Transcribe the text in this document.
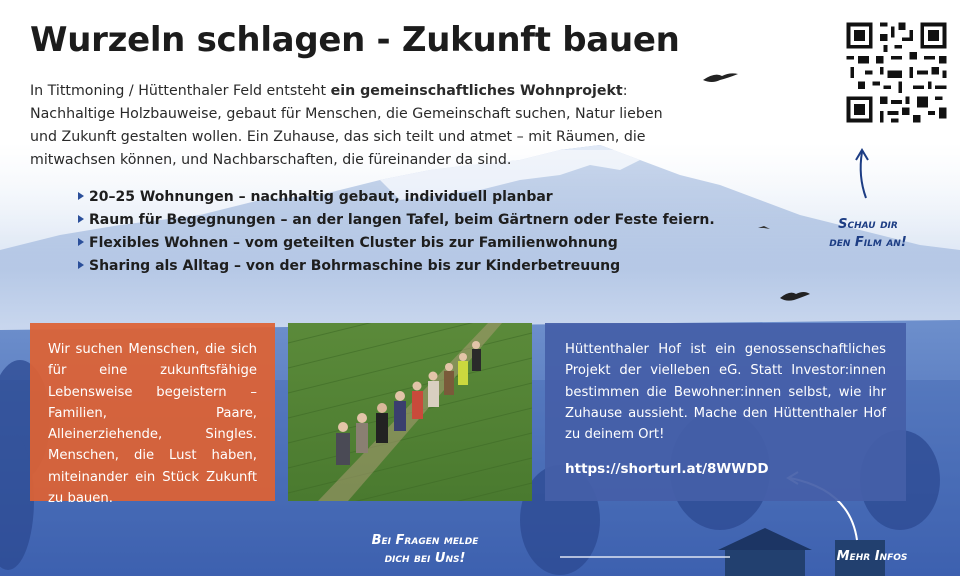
Wurzeln schlagen - Zukunft bauen

In Tittmoning / Hüttenthaler Feld entsteht ein gemeinschaftliches Wohnprojekt: Nachhaltige Holzbauweise, gebaut für Menschen, die Gemeinschaft suchen, Natur lieben und Zukunft gestalten wollen. Ein Zuhause, das sich teilt und atmet – mit Räumen, die mitwachsen können, und Nachbarschaften, die füreinander da sind.

20–25 Wohnungen – nachhaltig gebaut, individuell planbar
Raum für Begegnungen – an der langen Tafel, beim Gärtnern oder Feste feiern.
Flexibles Wohnen – vom geteilten Cluster bis zur Familienwohnung
Sharing als Alltag – von der Bohrmaschine bis zur Kinderbetreuung
Schau dir
den Film an!

Wir suchen Menschen, die sich für eine zukunftsfähige Lebensweise begeistern – Familien, Paare, Alleinerziehende, Singles. Menschen, die Lust haben, miteinander ein Stück Zukunft zu bauen.

Hüttenthaler Hof ist ein genossenschaftliches Projekt der vielleben eG. Statt Investor:innen bestimmen die Bewohner:innen selbst, wie ihr Zuhause aussieht. Mache den Hüttenthaler Hof zu deinem Ort!

https://shorturl.at/8WWDD

Bei Fragen melde
dich bei Uns!	Mehr Infos
